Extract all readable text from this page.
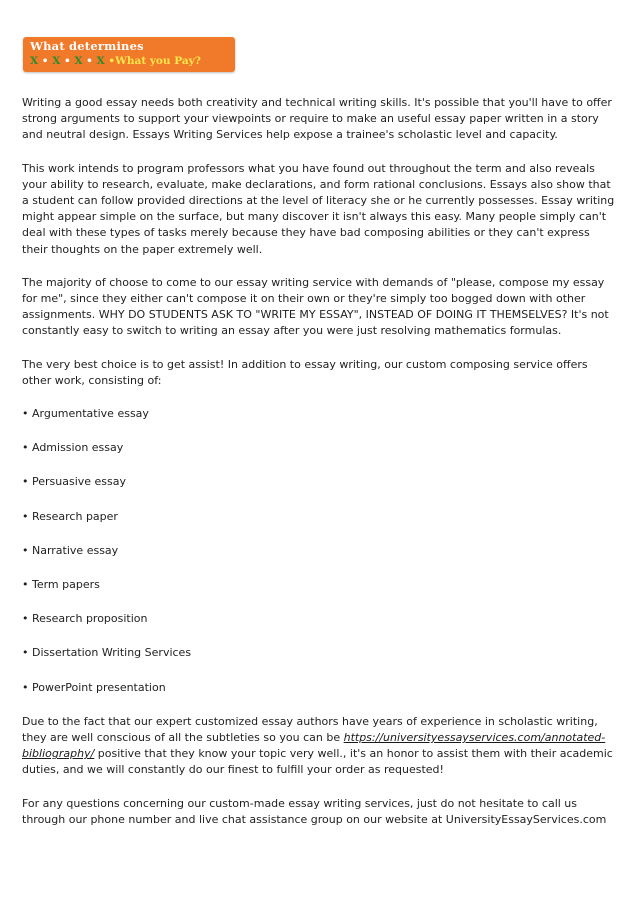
What determines
X • X • X • X •What you Pay?

Writing a good essay needs both creativity and technical writing skills. It's possible that you'll have to offer strong arguments to support your viewpoints or require to make an useful essay paper written in a story and neutral design. Essays Writing Services help expose a trainee's scholastic level and capacity.

This work intends to program professors what you have found out throughout the term and also reveals your ability to research, evaluate, make declarations, and form rational conclusions. Essays also show that a student can follow provided directions at the level of literacy she or he currently possesses. Essay writing might appear simple on the surface, but many discover it isn't always this easy. Many people simply can't deal with these types of tasks merely because they have bad composing abilities or they can't express their thoughts on the paper extremely well.

The majority of choose to come to our essay writing service with demands of "please, compose my essay for me", since they either can't compose it on their own or they're simply too bogged down with other assignments. WHY DO STUDENTS ASK TO "WRITE MY ESSAY", INSTEAD OF DOING IT THEMSELVES? It's not constantly easy to switch to writing an essay after you were just resolving mathematics formulas.

The very best choice is to get assist! In addition to essay writing, our custom composing service offers other work, consisting of:

• Argumentative essay
• Admission essay
• Persuasive essay
• Research paper
• Narrative essay
• Term papers
• Research proposition
• Dissertation Writing Services
• PowerPoint presentation

Due to the fact that our expert customized essay authors have years of experience in scholastic writing, they are well conscious of all the subtleties so you can be https://universityessayservices.com/annotated-bibliography/ positive that they know your topic very well., it's an honor to assist them with their academic duties, and we will constantly do our finest to fulfill your order as requested!

For any questions concerning our custom-made essay writing services, just do not hesitate to call us through our phone number and live chat assistance group on our website at UniversityEssayServices.com
